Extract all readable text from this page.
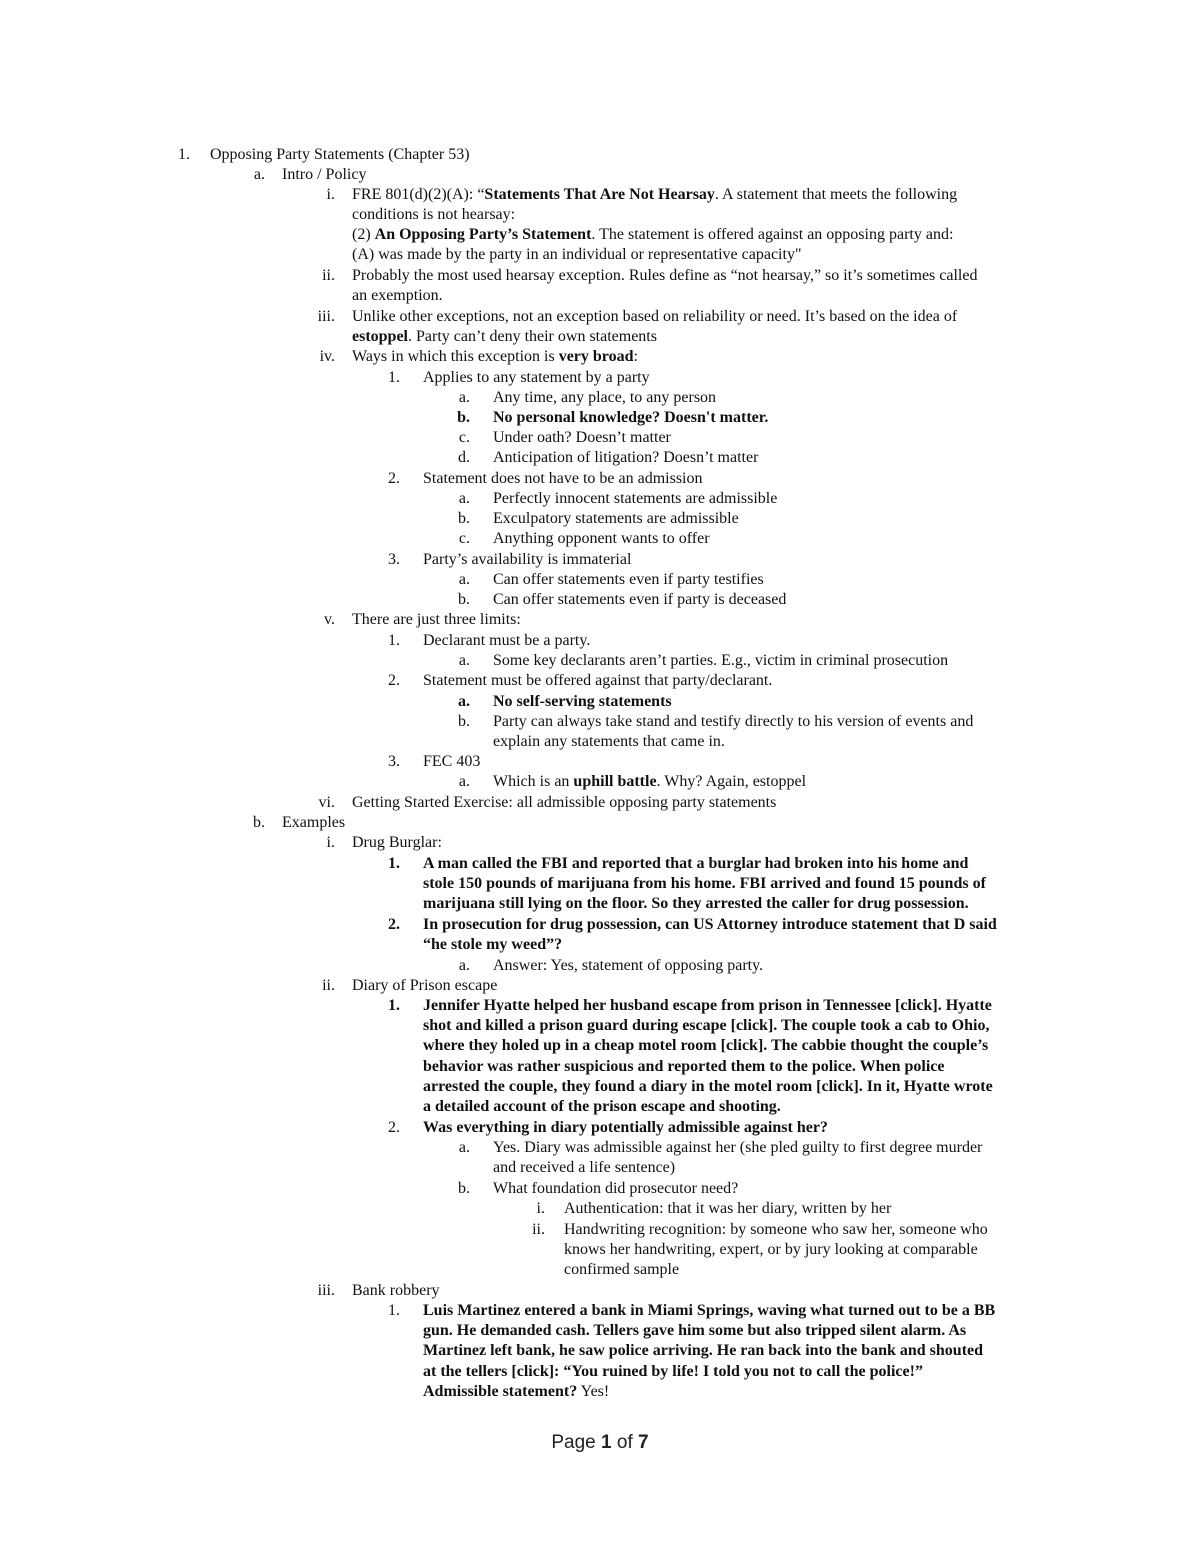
1. Opposing Party Statements (Chapter 53)
a. Intro / Policy
i. FRE 801(d)(2)(A): “Statements That Are Not Hearsay. A statement that meets the following
conditions is not hearsay:
(2) An Opposing Party’s Statement. The statement is offered against an opposing party and:
(A) was made by the party in an individual or representative capacity"
ii. Probably the most used hearsay exception. Rules define as “not hearsay,” so it’s sometimes called
an exemption.
iii. Unlike other exceptions, not an exception based on reliability or need. It’s based on the idea of
estoppel. Party can’t deny their own statements
iv. Ways in which this exception is very broad:
1. Applies to any statement by a party
a. Any time, any place, to any person
b. No personal knowledge? Doesn't matter.
c. Under oath? Doesn’t matter
d. Anticipation of litigation? Doesn’t matter
2. Statement does not have to be an admission
a. Perfectly innocent statements are admissible
b. Exculpatory statements are admissible
c. Anything opponent wants to offer
3. Party’s availability is immaterial
a. Can offer statements even if party testifies
b. Can offer statements even if party is deceased
v. There are just three limits:
1. Declarant must be a party.
a. Some key declarants aren’t parties. E.g., victim in criminal prosecution
2. Statement must be offered against that party/declarant.
a. No self-serving statements
b. Party can always take stand and testify directly to his version of events and
explain any statements that came in.
3. FEC 403
a. Which is an uphill battle. Why? Again, estoppel
vi. Getting Started Exercise: all admissible opposing party statements
b. Examples
i. Drug Burglar:
1. A man called the FBI and reported that a burglar had broken into his home and
stole 150 pounds of marijuana from his home. FBI arrived and found 15 pounds of
marijuana still lying on the floor. So they arrested the caller for drug possession.
2. In prosecution for drug possession, can US Attorney introduce statement that D said
“he stole my weed”?
a. Answer: Yes, statement of opposing party.
ii. Diary of Prison escape
1. Jennifer Hyatte helped her husband escape from prison in Tennessee [click]. Hyatte
shot and killed a prison guard during escape [click]. The couple took a cab to Ohio,
where they holed up in a cheap motel room [click]. The cabbie thought the couple’s
behavior was rather suspicious and reported them to the police. When police
arrested the couple, they found a diary in the motel room [click]. In it, Hyatte wrote
a detailed account of the prison escape and shooting.
2. Was everything in diary potentially admissible against her?
a. Yes. Diary was admissible against her (she pled guilty to first degree murder
and received a life sentence)
b. What foundation did prosecutor need?
i. Authentication: that it was her diary, written by her
ii. Handwriting recognition: by someone who saw her, someone who
knows her handwriting, expert, or by jury looking at comparable
confirmed sample
iii. Bank robbery
1. Luis Martinez entered a bank in Miami Springs, waving what turned out to be a BB
gun. He demanded cash. Tellers gave him some but also tripped silent alarm. As
Martinez left bank, he saw police arriving. He ran back into the bank and shouted
at the tellers [click]: “You ruined by life! I told you not to call the police!”
Admissible statement? Yes!
Page 1 of 7
